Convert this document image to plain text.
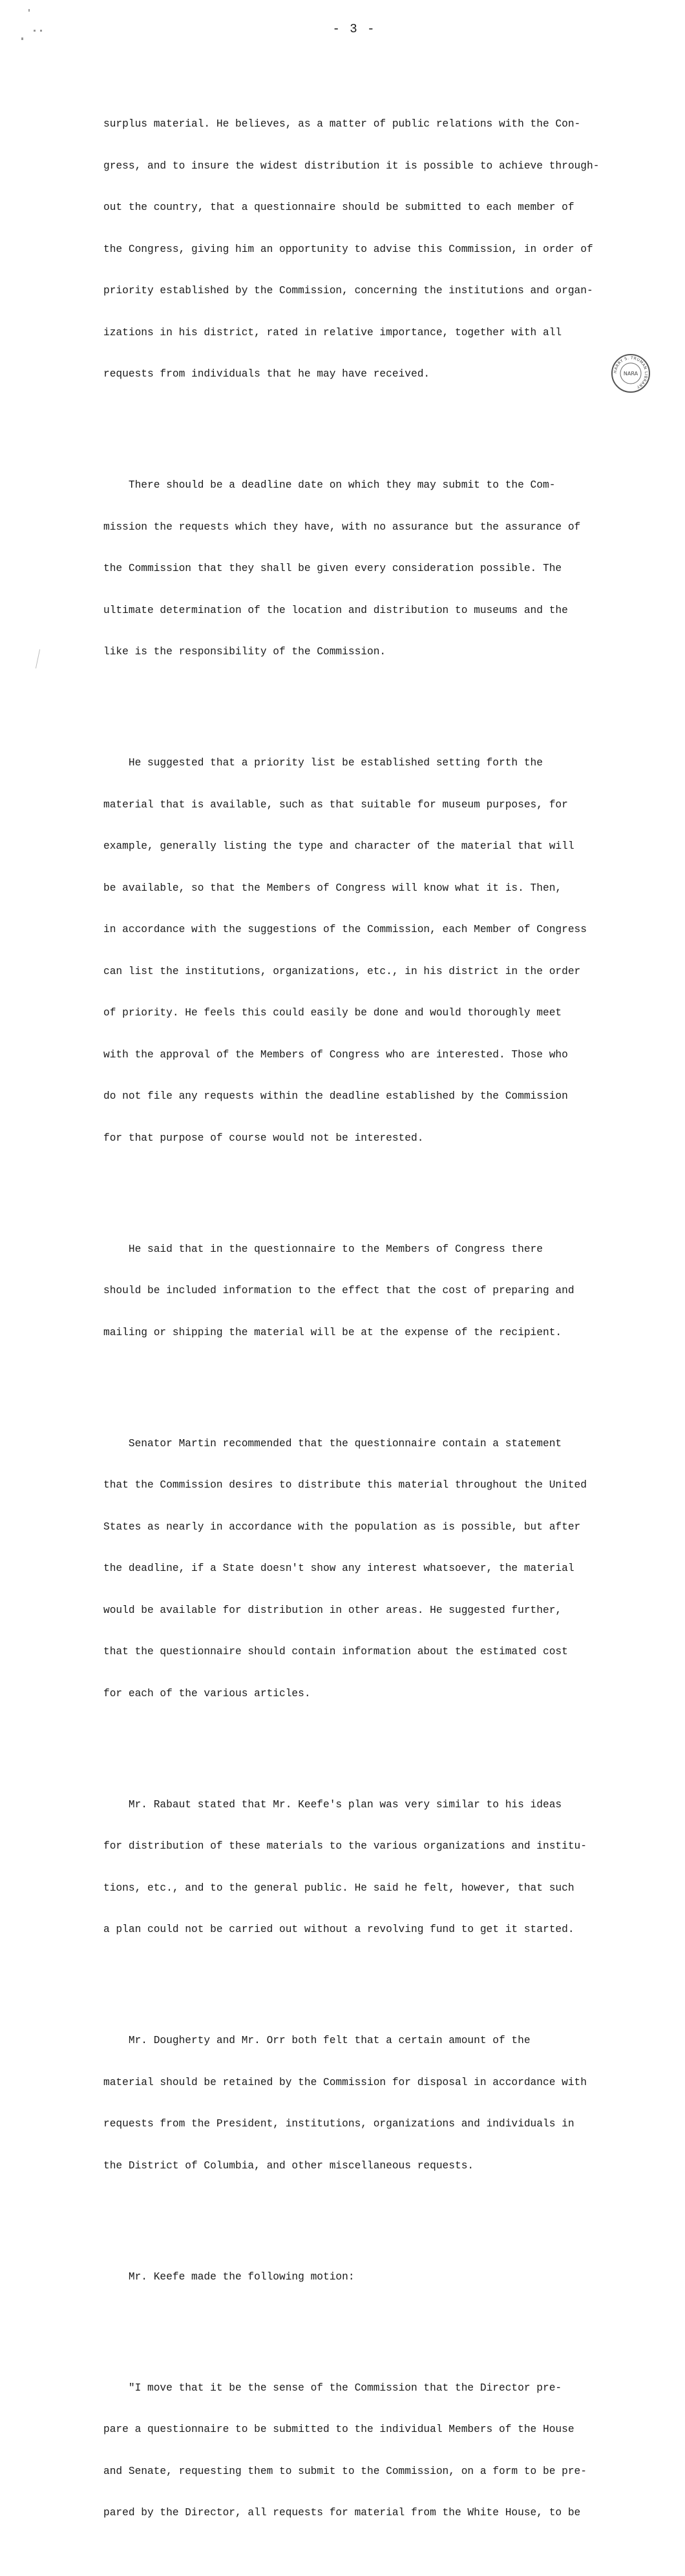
- 3 -

surplus material. He believes, as a matter of public relations with the Con-

gress, and to insure the widest distribution it is possible to achieve through-

out the country, that a questionnaire should be submitted to each member of

the Congress, giving him an opportunity to advise this Commission, in order of

priority established by the Commission, concerning the institutions and organ-

izations in his district, rated in relative importance, together with all

requests from individuals that he may have received.

There should be a deadline date on which they may submit to the Com-

mission the requests which they have, with no assurance but the assurance of

the Commission that they shall be given every consideration possible. The

ultimate determination of the location and distribution to museums and the

like is the responsibility of the Commission.

He suggested that a priority list be established setting forth the

material that is available, such as that suitable for museum purposes, for

example, generally listing the type and character of the material that will

be available, so that the Members of Congress will know what it is. Then,

in accordance with the suggestions of the Commission, each Member of Congress

can list the institutions, organizations, etc., in his district in the order

of priority. He feels this could easily be done and would thoroughly meet

with the approval of the Members of Congress who are interested. Those who

do not file any requests within the deadline established by the Commission

for that purpose of course would not be interested.

He said that in the questionnaire to the Members of Congress there

should be included information to the effect that the cost of preparing and

mailing or shipping the material will be at the expense of the recipient.

Senator Martin recommended that the questionnaire contain a statement

that the Commission desires to distribute this material throughout the United

States as nearly in accordance with the population as is possible, but after

the deadline, if a State doesn't show any interest whatsoever, the material

would be available for distribution in other areas. He suggested further,

that the questionnaire should contain information about the estimated cost

for each of the various articles.

Mr. Rabaut stated that Mr. Keefe's plan was very similar to his ideas

for distribution of these materials to the various organizations and institu-

tions, etc., and to the general public. He said he felt, however, that such

a plan could not be carried out without a revolving fund to get it started.

Mr. Dougherty and Mr. Orr both felt that a certain amount of the

material should be retained by the Commission for disposal in accordance with

requests from the President, institutions, organizations and individuals in

the District of Columbia, and other miscellaneous requests.

Mr. Keefe made the following motion:

"I move that it be the sense of the Commission that the Director pre-

pare a questionnaire to be submitted to the individual Members of the House

and Senate, requesting them to submit to the Commission, on a form to be pre-

pared by the Director, all requests for material from the White House, to be

HARRY S. TRUMAN LIBRARY
NARA
